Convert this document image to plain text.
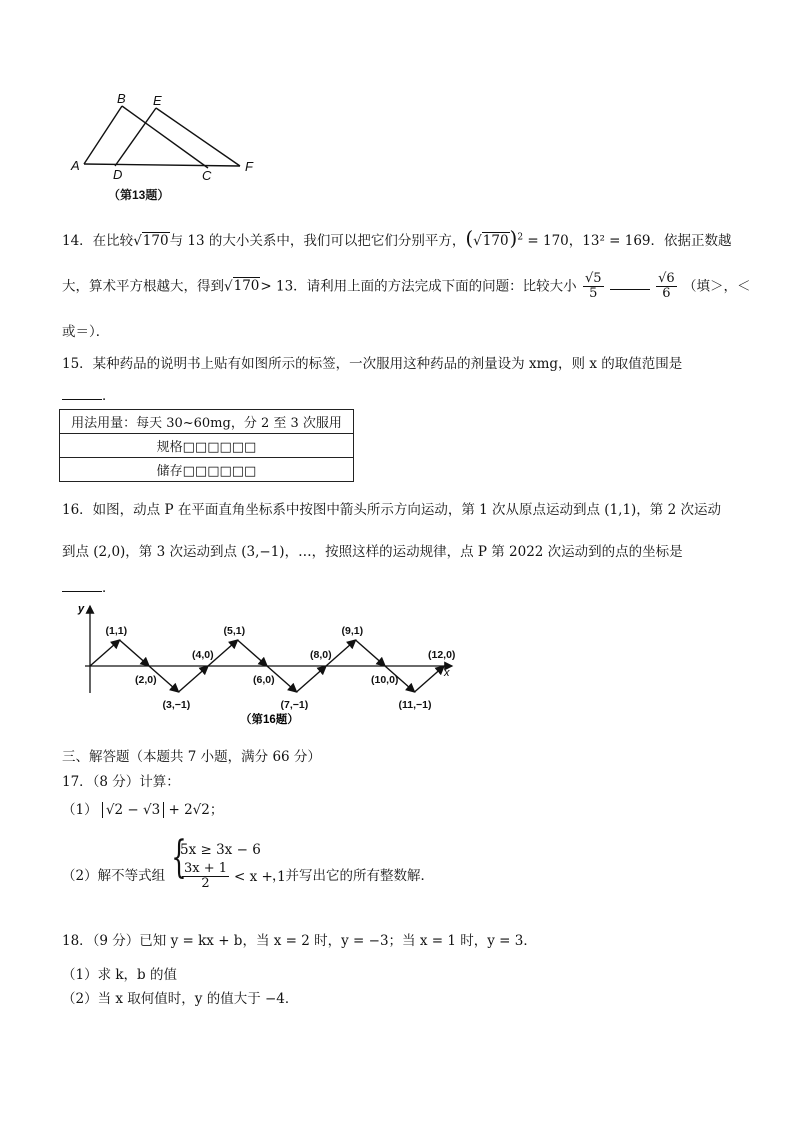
B E
A
D	C
F
（第13题）
14．在比较√170与 13 的大小关系中，我们可以把它们分别平方，$(√170)^2 = 170$，13² = 169．依据正数越
大，算术平方根越大，得到√170> 13．请利用上面的方法完成下面的问题：比较大小 $\frac{√5}{5}$
	$\frac{√6}{6}$ （填＞，＜
或＝）．
15．某种药品的说明书上贴有如图所示的标签，一次服用这种药品的剂量设为 xmg，则 x 的取值范围是
．
用法用量：每天 30~60mg，分 2 至 3 次服用
规格□□□□□□
储存□□□□□□
16．如图，动点 P 在平面直角坐标系中按图中箭头所示方向运动，第 1 次从原点运动到点 (1,1)，第 2 次运动
到点 (2,0)，第 3 次运动到点 (3,−1)，…，按照这样的运动规律，点 P 第 2022 次运动到的点的坐标是
．
y
x
(1,1)
(2,0)
(3,−1)
(4,0)
(5,1)
(6,0)
(7,−1)
(8,0)
(9,1)
(10,0)
(11,−1)
(12,0)
（第16题）
三、解答题（本题共 7 小题，满分 66 分）
17．（8 分）计算：
（1） √2 − √3 + 2√2；
（2）解不等式组 {
5x ≥ 3x − 6
$\frac{3x + 1}{2} < x + 1$
，并写出它的所有整数解．
18．（9 分）已知 y = kx + b，当 x = 2 时，y = −3；当 x = 1 时，y = 3．
（1）求 k，b 的值
（2）当 x 取何值时，y 的值大于 −4．
